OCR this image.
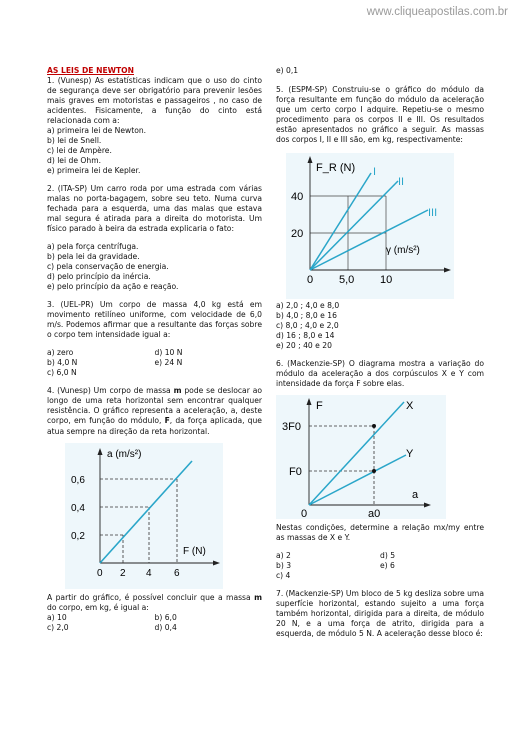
www.cliqueapostilas.com.br
AS LEIS DE NEWTON

1. (Vunesp) As estatísticas indicam que o uso do cinto de segurança deve ser obrigatório para prevenir lesões mais graves em motoristas e passageiros , no caso de acidentes. Fisicamente, a função do cinto está relacionada com a:

a) primeira lei de Newton.
b) lei de Snell.
c) lei de Ampère.
d) lei de Ohm.
e) primeira lei de Kepler.

2. (ITA-SP) Um carro roda por uma estrada com várias malas no porta-bagagem, sobre seu teto. Numa curva fechada para a esquerda, uma das malas que estava mal segura é atirada para a direita do motorista. Um físico parado à beira da estrada explicaria o fato:

a) pela força centrífuga.
b) pela lei da gravidade.
c) pela conservação de energia.
d) pelo princípio da inércia.
e) pelo princípio da ação e reação.

3. (UEL-PR) Um corpo de massa 4,0 kg está em movimento retilíneo uniforme, com velocidade de 6,0 m/s. Podemos afirmar que a resultante das forças sobre o corpo tem intensidade igual a:

a) zero	d) 10 N
b) 4,0 N	e) 24 N
c) 6,0 N

4. (Vunesp) Um corpo de massa m pode se deslocar ao longo de uma reta horizontal sem encontrar qualquer resistência. O gráfico representa a aceleração, a, deste corpo, em função do módulo, F, da força aplicada, que atua sempre na direção da reta horizontal.

a (m/s²)
F (N)
0,6
0,4
0,2
0 2 4 6

A partir do gráfico, é possível concluir que a massa m do corpo, em kg, é igual a:

a) 10	b) 6,0
c) 2,0	d) 0,4
e) 0,1

5. (ESPM-SP) Construiu-se o gráfico do módulo da força resultante em função do módulo da aceleração que um certo corpo I adquire. Repetiu-se o mesmo procedimento para os corpos II e III. Os resultados estão apresentados no gráfico a seguir. As massas dos corpos I, II e III são, em kg, respectivamente:

F_R (N)
γ (m/s²)
I
II
III
40
20
0 5,0 10
a) 2,0 ; 4,0 e 8,0
b) 4,0 ; 8,0 e 16
c) 8,0 ; 4,0 e 2,0
d) 16 ; 8,0 e 14
e) 20 ; 40 e 20

6. (Mackenzie-SP) O diagrama mostra a variação do módulo da aceleração a dos corpúsculos X e Y com intensidade da força F sobre elas.

F
a
X
Y
3F0
F0
0	a0

Nestas condições, determine a relação mx/my entre as massas de X e Y.

a) 2	d) 5
b) 3	e) 6
c) 4

7. (Mackenzie-SP) Um bloco de 5 kg desliza sobre uma superfície horizontal, estando sujeito a uma força também horizontal, dirigida para a direita, de módulo 20 N, e a uma força de atrito, dirigida para a esquerda, de módulo 5 N. A aceleração desse bloco é:
